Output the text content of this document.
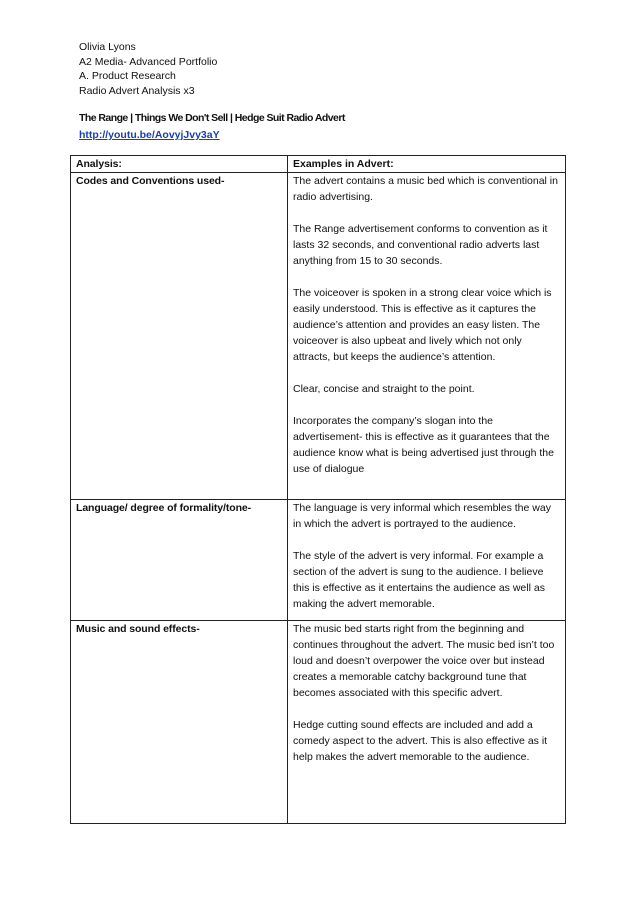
Olivia Lyons
A2 Media- Advanced Portfolio
A. Product Research
Radio Advert Analysis x3
The Range | Things We Don't Sell | Hedge Suit Radio Advert
http://youtu.be/AovyjJvy3aY
Analysis:	Examples in Advert:
Codes and Conventions used-	The advert contains a music bed which is conventional in radio advertising.

The Range advertisement conforms to convention as it lasts 32 seconds, and conventional radio adverts last anything from 15 to 30 seconds.

The voiceover is spoken in a strong clear voice which is easily understood. This is effective as it captures the audience’s attention and provides an easy listen. The voiceover is also upbeat and lively which not only attracts, but keeps the audience’s attention.

Clear, concise and straight to the point.

Incorporates the company’s slogan into the advertisement- this is effective as it guarantees that the audience know what is being advertised just through the use of dialogue

Language/ degree of formality/tone-	The language is very informal which resembles the way in which the advert is portrayed to the audience.

The style of the advert is very informal. For example a section of the advert is sung to the audience. I believe this is effective as it entertains the audience as well as making the advert memorable.

Music and sound effects-	The music bed starts right from the beginning and continues throughout the advert. The music bed isn’t too loud and doesn’t overpower the voice over but instead creates a memorable catchy background tune that becomes associated with this specific advert.

Hedge cutting sound effects are included and add a comedy aspect to the advert. This is also effective as it help makes the advert memorable to the audience.
